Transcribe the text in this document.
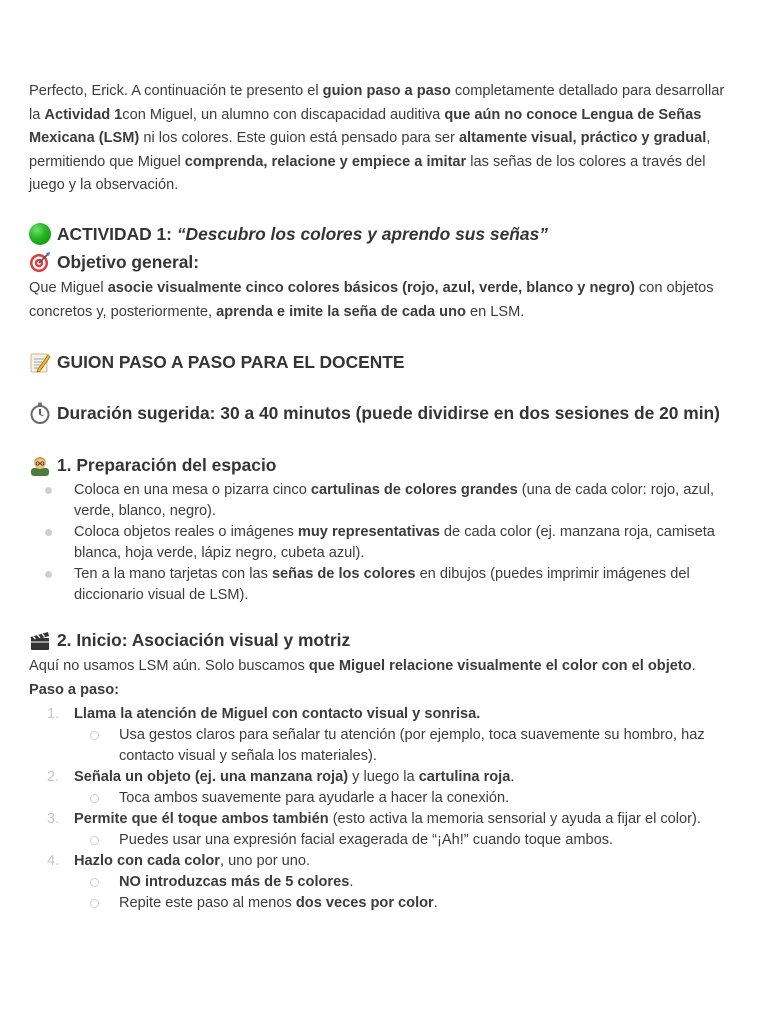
Perfecto, Erick. A continuación te presento el guion paso a paso completamente detallado para desarrollar la Actividad 1con Miguel, un alumno con discapacidad auditiva que aún no conoce Lengua de Señas Mexicana (LSM) ni los colores. Este guion está pensado para ser altamente visual, práctico y gradual, permitiendo que Miguel comprenda, relacione y empiece a imitar las señas de los colores a través del juego y la observación.

ACTIVIDAD 1: “Descubro los colores y aprendo sus señas”
Objetivo general:

Que Miguel asocie visualmente cinco colores básicos (rojo, azul, verde, blanco y negro) con objetos concretos y, posteriormente, aprenda e imite la seña de cada uno en LSM.

GUION PASO A PASO PARA EL DOCENTE
Duración sugerida: 30 a 40 minutos (puede dividirse en dos sesiones de 20 min)
1. Preparación del espacio
Coloca en una mesa o pizarra cinco cartulinas de colores grandes (una de cada color: rojo, azul, verde, blanco, negro).
Coloca objetos reales o imágenes muy representativas de cada color (ej. manzana roja, camiseta blanca, hoja verde, lápiz negro, cubeta azul).
Ten a la mano tarjetas con las señas de los colores en dibujos (puedes imprimir imágenes del diccionario visual de LSM).
2. Inicio: Asociación visual y motriz

Aquí no usamos LSM aún. Solo buscamos que Miguel relacione visualmente el color con el objeto.

Paso a paso:

1. Llama la atención de Miguel con contacto visual y sonrisa.
Usa gestos claros para señalar tu atención (por ejemplo, toca suavemente su hombro, haz contacto visual y señala los materiales).
2. Señala un objeto (ej. una manzana roja) y luego la cartulina roja.
Toca ambos suavemente para ayudarle a hacer la conexión.
3. Permite que él toque ambos también (esto activa la memoria sensorial y ayuda a fijar el color).
Puedes usar una expresión facial exagerada de “¡Ah!” cuando toque ambos.
4. Hazlo con cada color, uno por uno.
NO introduzcas más de 5 colores.
Repite este paso al menos dos veces por color.
